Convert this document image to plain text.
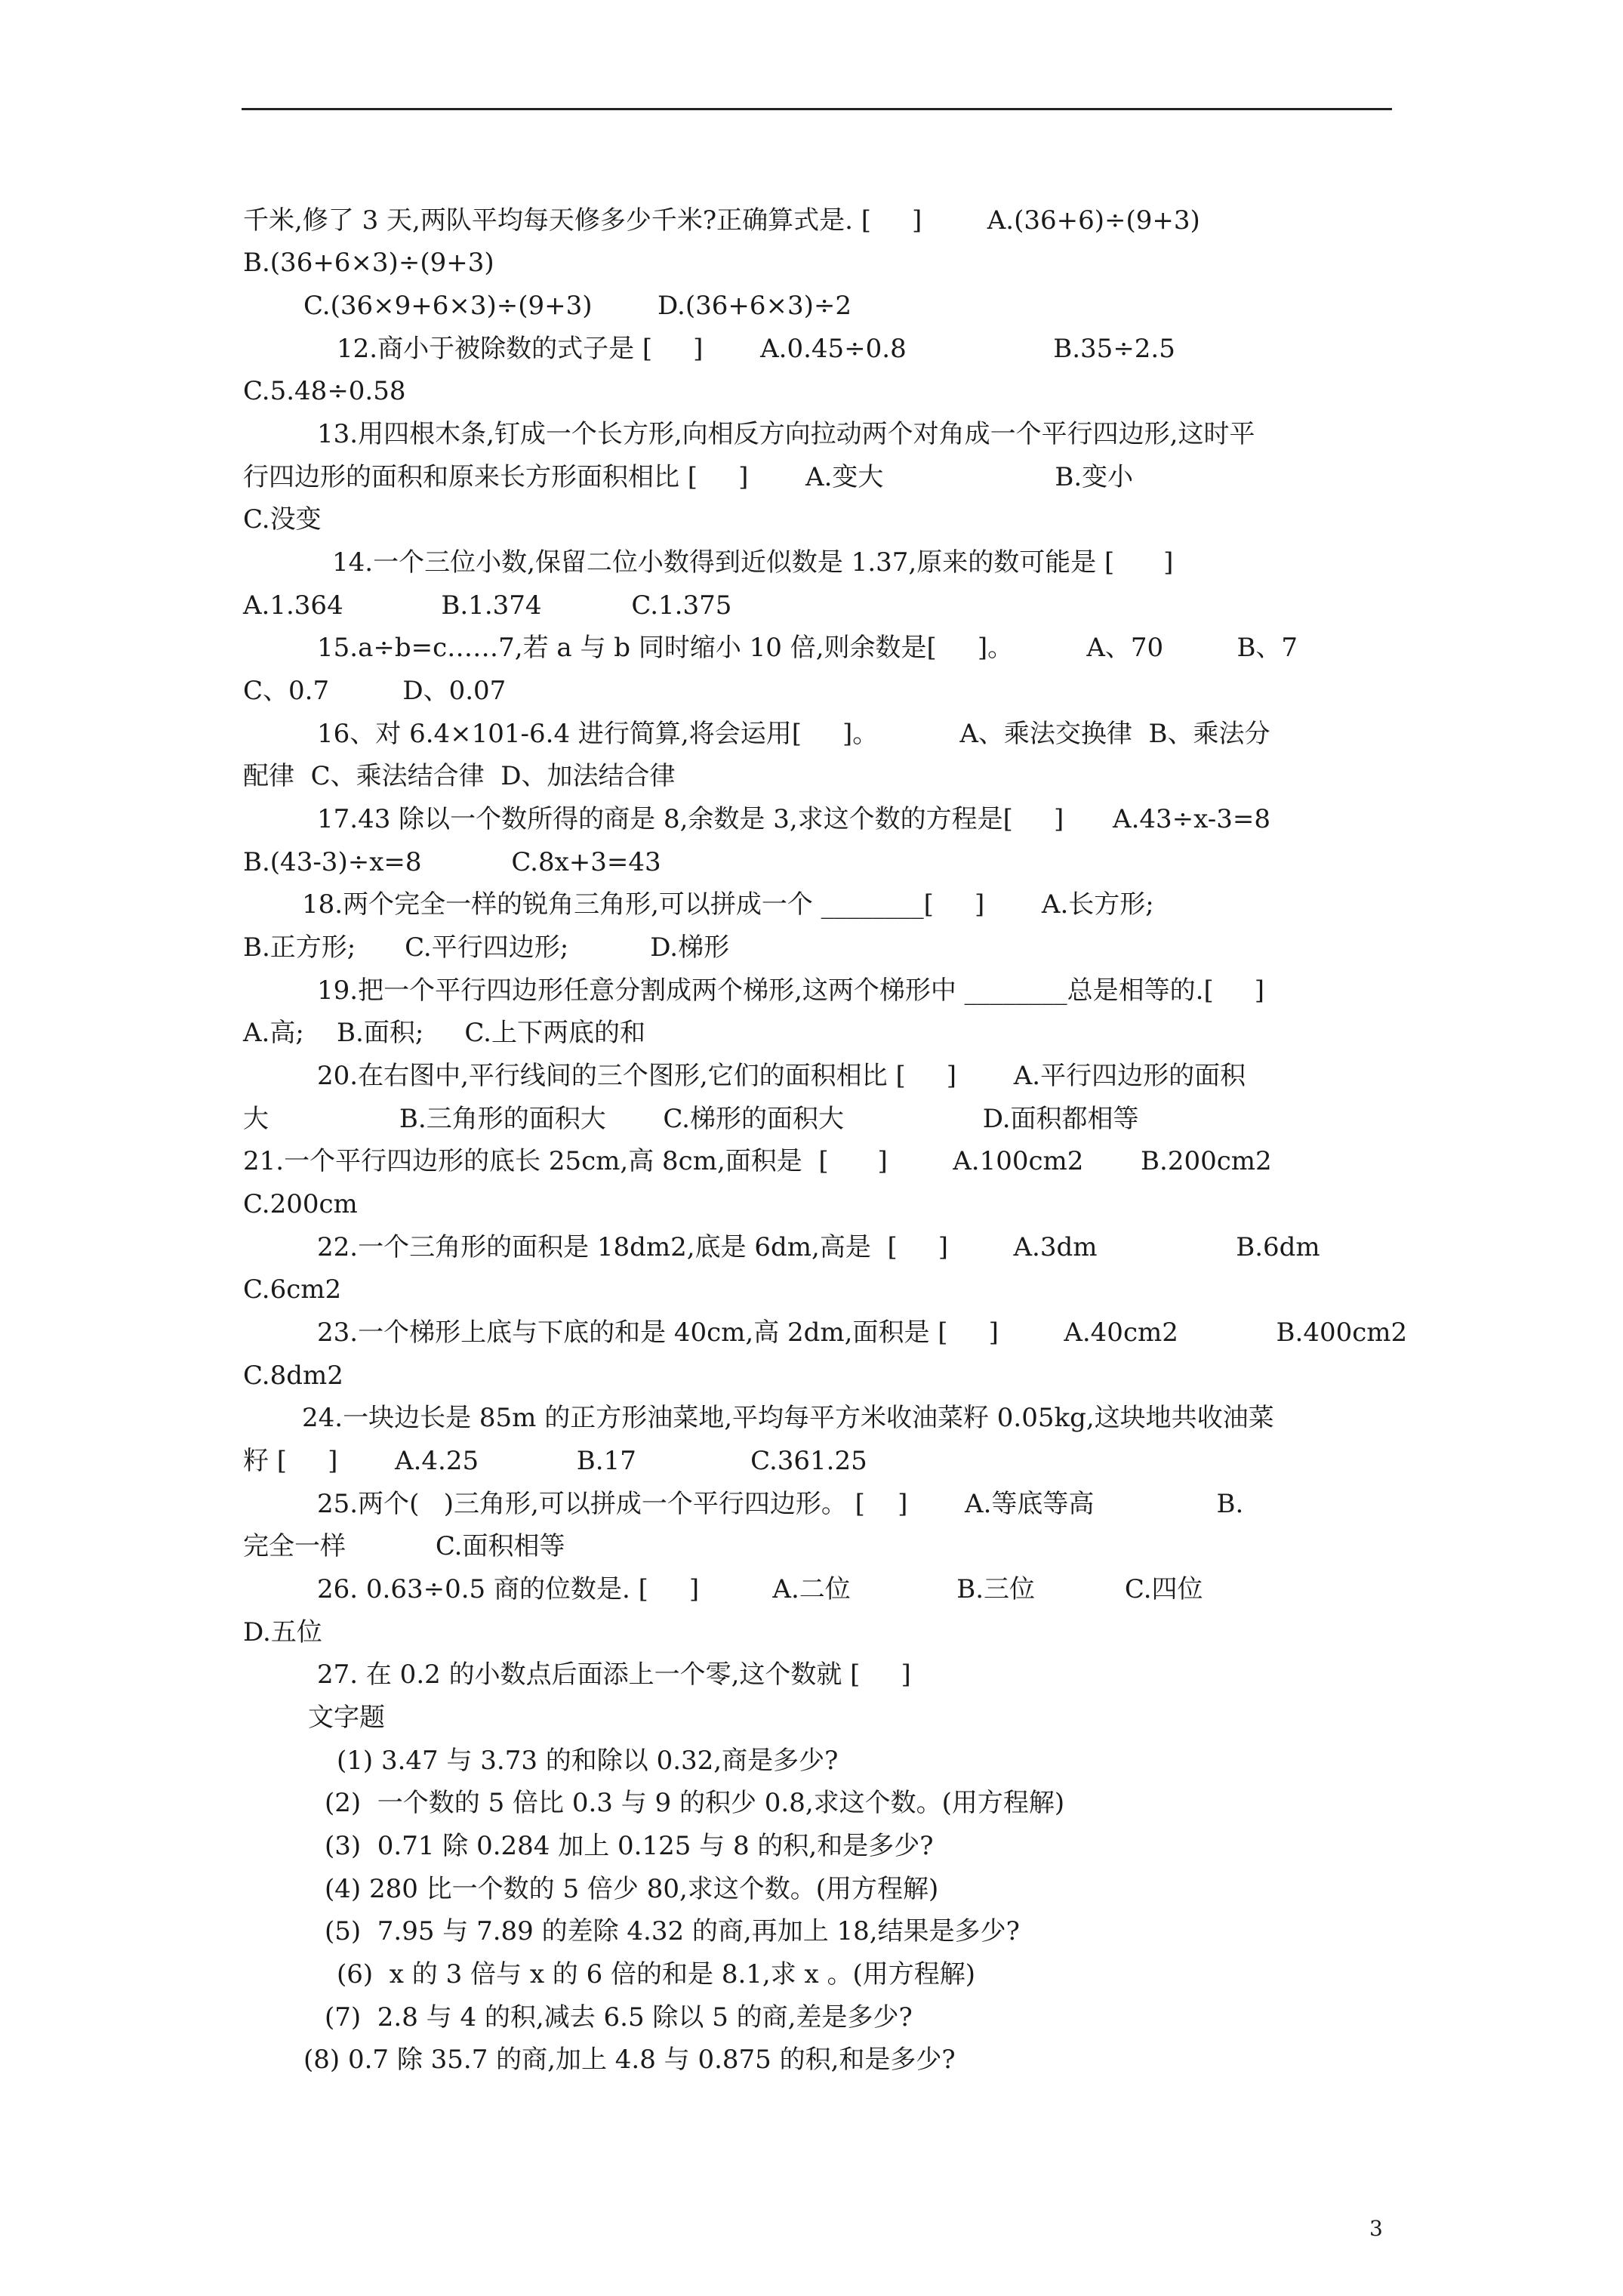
千米,修了 3 天,两队平均每天修多少千米?正确算式是. [     ]        A.(36+6)÷(9+3)
B.(36+6×3)÷(9+3)
C.(36×9+6×3)÷(9+3)        D.(36+6×3)÷2
12.商小于被除数的式子是 [     ]       A.0.45÷0.8                  B.35÷2.5
C.5.48÷0.58
13.用四根木条,钉成一个长方形,向相反方向拉动两个对角成一个平行四边形,这时平
行四边形的面积和原来长方形面积相比 [     ]       A.变大                     B.变小
C.没变
14.一个三位小数,保留二位小数得到近似数是 1.37,原来的数可能是 [      ]
A.1.364            B.1.374           C.1.375
15.a÷b=c……7,若 a 与 b 同时缩小 10 倍,则余数是[     ]。         A、70         B、7
C、0.7         D、0.07
16、对 6.4×101-6.4 进行简算,将会运用[     ]。          A、乘法交换律  B、乘法分
配律  C、乘法结合律  D、加法结合律
17.43 除以一个数所得的商是 8,余数是 3,求这个数的方程是[     ]      A.43÷x-3=8
B.(43-3)÷x=8           C.8x+3=43
18.两个完全一样的锐角三角形,可以拼成一个 ________[     ]       A.长方形;
B.正方形;      C.平行四边形;          D.梯形
19.把一个平行四边形任意分割成两个梯形,这两个梯形中 ________总是相等的.[     ]
A.高;    B.面积;     C.上下两底的和
20.在右图中,平行线间的三个图形,它们的面积相比 [     ]       A.平行四边形的面积
大                B.三角形的面积大       C.梯形的面积大                 D.面积都相等
21.一个平行四边形的底长 25cm,高 8cm,面积是  [      ]        A.100cm2       B.200cm2
C.200cm
22.一个三角形的面积是 18dm2,底是 6dm,高是  [     ]        A.3dm                 B.6dm
C.6cm2
23.一个梯形上底与下底的和是 40cm,高 2dm,面积是 [     ]        A.40cm2            B.400cm2
C.8dm2
24.一块边长是 85m 的正方形油菜地,平均每平方米收油菜籽 0.05kg,这块地共收油菜
籽 [     ]       A.4.25            B.17              C.361.25
25.两个(   )三角形,可以拼成一个平行四边形。 [    ]       A.等底等高               B.
完全一样           C.面积相等
26. 0.63÷0.5 商的位数是. [     ]         A.二位             B.三位           C.四位
D.五位
27. 在 0.2 的小数点后面添上一个零,这个数就 [     ]
文字题
(1) 3.47 与 3.73 的和除以 0.32,商是多少?
(2)  一个数的 5 倍比 0.3 与 9 的积少 0.8,求这个数。(用方程解)
(3)  0.71 除 0.284 加上 0.125 与 8 的积,和是多少?
(4) 280 比一个数的 5 倍少 80,求这个数。(用方程解)
(5)  7.95 与 7.89 的差除 4.32 的商,再加上 18,结果是多少?
(6)  x 的 3 倍与 x 的 6 倍的和是 8.1,求 x 。(用方程解)
(7)  2.8 与 4 的积,减去 6.5 除以 5 的商,差是多少?
(8) 0.7 除 35.7 的商,加上 4.8 与 0.875 的积,和是多少?
3
